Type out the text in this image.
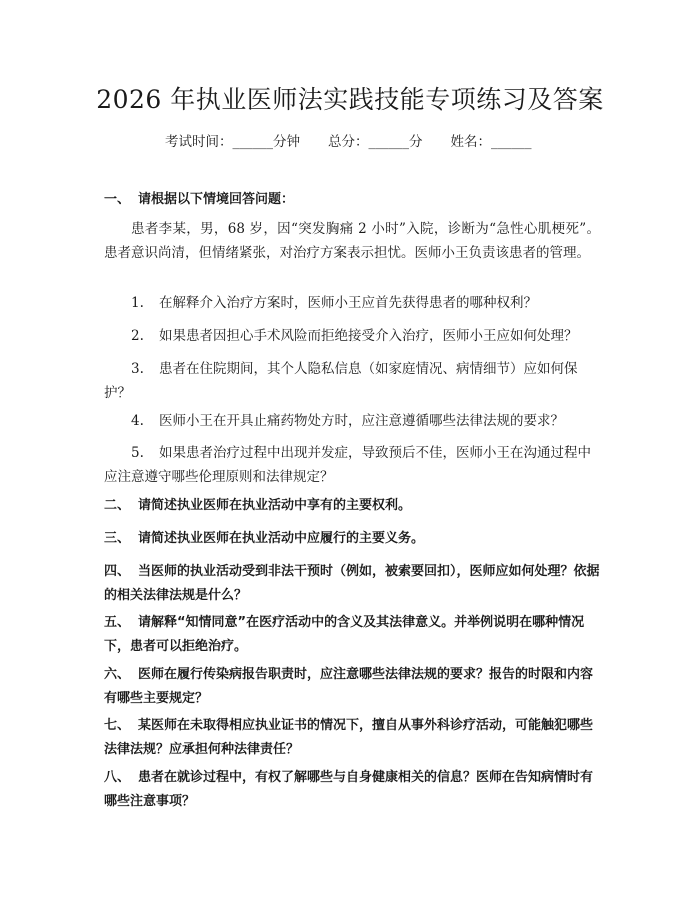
2026 年执业医师法实践技能专项练习及答案
考试时间：______分钟 总分：______分 姓名：______
一、 请根据以下情境回答问题：
患者李某，男，68 岁，因“突发胸痛 2 小时”入院，诊断为“急性心肌梗死”。患者意识尚清，但情绪紧张，对治疗方案表示担忧。医师小王负责该患者的管理。
1. 在解释介入治疗方案时，医师小王应首先获得患者的哪种权利？
2. 如果患者因担心手术风险而拒绝接受介入治疗，医师小王应如何处理？
3. 患者在住院期间，其个人隐私信息（如家庭情况、病情细节）应如何保护？
4. 医师小王在开具止痛药物处方时，应注意遵循哪些法律法规的要求？
5. 如果患者治疗过程中出现并发症，导致预后不佳，医师小王在沟通过程中应注意遵守哪些伦理原则和法律规定？
二、 请简述执业医师在执业活动中享有的主要权利。
三、 请简述执业医师在执业活动中应履行的主要义务。
四、 当医师的执业活动受到非法干预时（例如，被索要回扣），医师应如何处理？依据的相关法律法规是什么？
五、 请解释“知情同意”在医疗活动中的含义及其法律意义。并举例说明在哪种情况下，患者可以拒绝治疗。
六、 医师在履行传染病报告职责时，应注意哪些法律法规的要求？报告的时限和内容有哪些主要规定？
七、 某医师在未取得相应执业证书的情况下，擅自从事外科诊疗活动，可能触犯哪些法律法规？应承担何种法律责任？
八、 患者在就诊过程中，有权了解哪些与自身健康相关的信息？医师在告知病情时有哪些注意事项？
